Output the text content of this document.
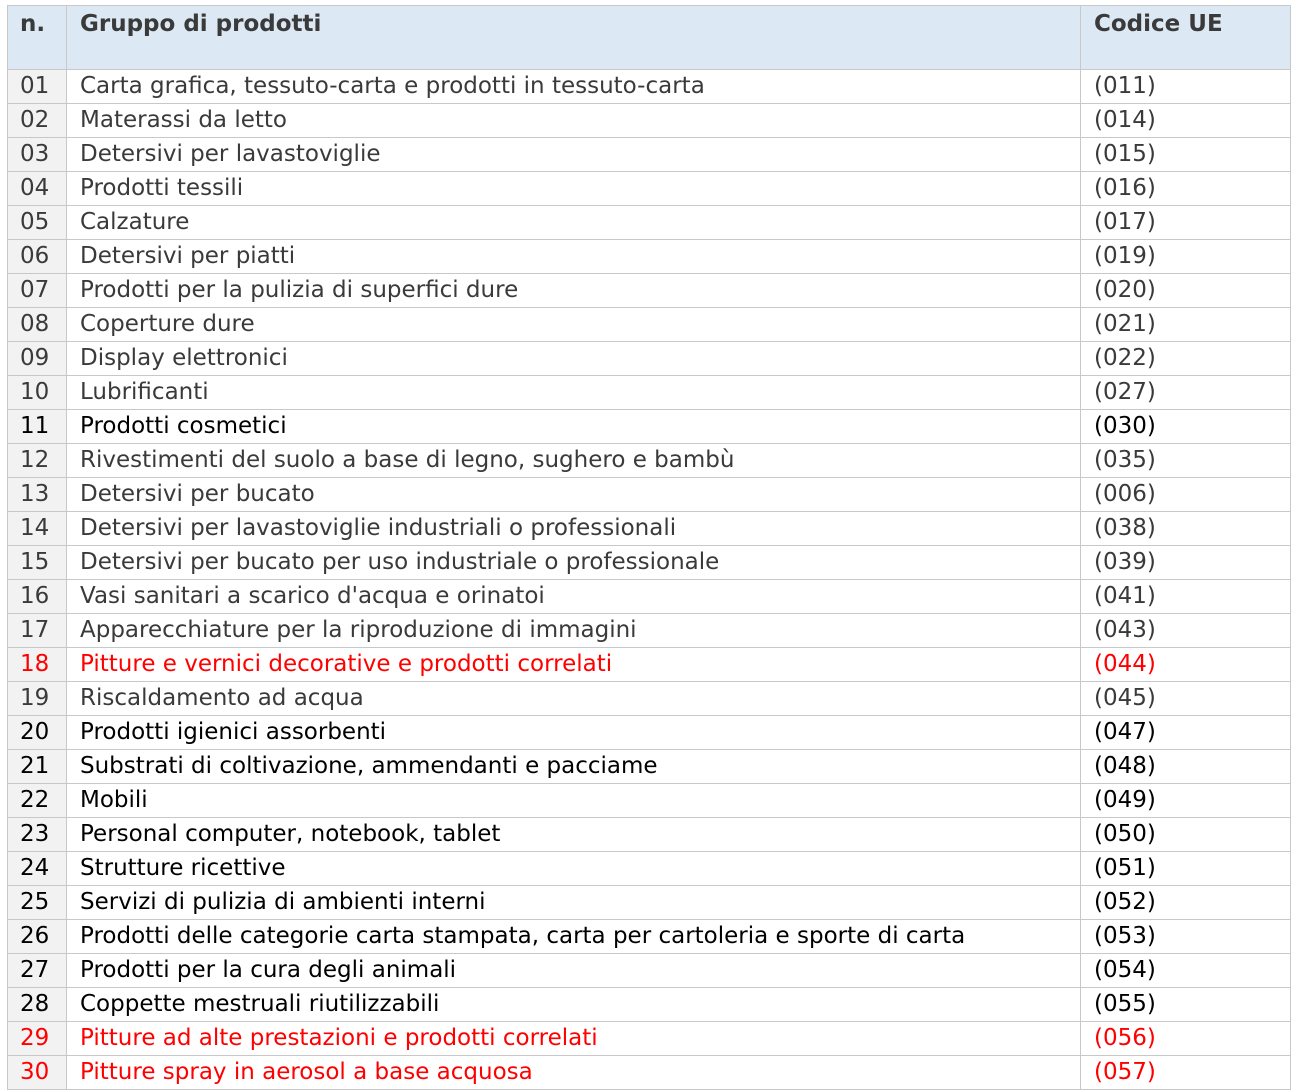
n.	Gruppo di prodotti	Codice UE
01	Carta grafica, tessuto-carta e prodotti in tessuto-carta	(011)
02	Materassi da letto	(014)
03	Detersivi per lavastoviglie	(015)
04	Prodotti tessili	(016)
05	Calzature	(017)
06	Detersivi per piatti	(019)
07	Prodotti per la pulizia di superfici dure	(020)
08	Coperture dure	(021)
09	Display elettronici	(022)
10	Lubrificanti	(027)
11	Prodotti cosmetici	(030)
12	Rivestimenti del suolo a base di legno, sughero e bambù	(035)
13	Detersivi per bucato	(006)
14	Detersivi per lavastoviglie industriali o professionali	(038)
15	Detersivi per bucato per uso industriale o professionale	(039)
16	Vasi sanitari a scarico d'acqua e orinatoi	(041)
17	Apparecchiature per la riproduzione di immagini	(043)
18	Pitture e vernici decorative e prodotti correlati	(044)
19	Riscaldamento ad acqua	(045)
20	Prodotti igienici assorbenti	(047)
21	Substrati di coltivazione, ammendanti e pacciame	(048)
22	Mobili	(049)
23	Personal computer, notebook, tablet	(050)
24	Strutture ricettive	(051)
25	Servizi di pulizia di ambienti interni	(052)
26	Prodotti delle categorie carta stampata, carta per cartoleria e sporte di carta	(053)
27	Prodotti per la cura degli animali	(054)
28	Coppette mestruali riutilizzabili	(055)
29	Pitture ad alte prestazioni e prodotti correlati	(056)
30	Pitture spray in aerosol a base acquosa	(057)
